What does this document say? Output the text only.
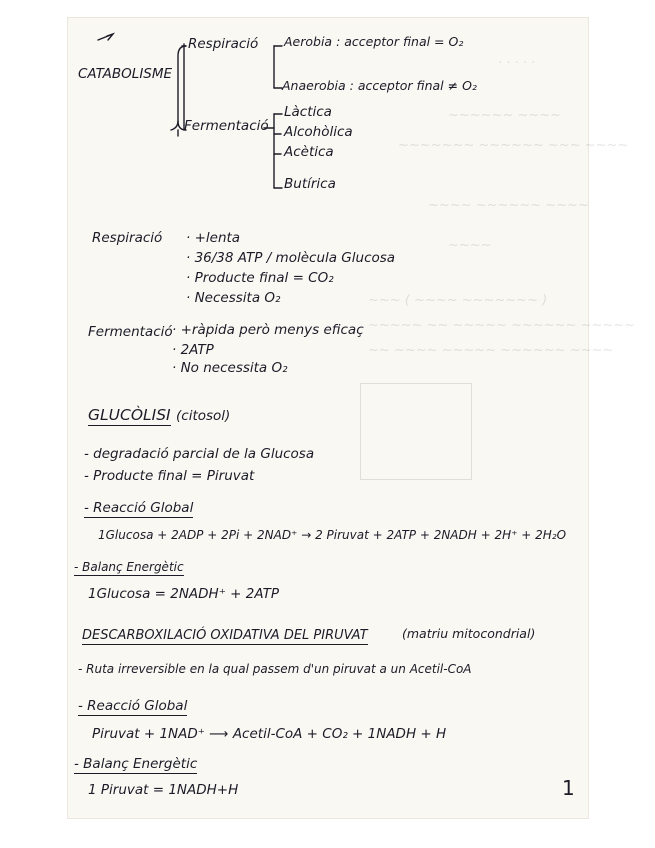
· · · · ·
~~~~~~ ~~~~
~~~~~~~ ~~~~~~ ~~~ ~~~~
~~~~ ~~~~~~ ~~~~
~~~~
~~~ ( ~~~~ ~~~~~~~ )
~~~~~ ~~ ~~~~~ ~~~~~~ ~~~~~
~~ ~~~~ ~~~~~ ~~~~~~ ~~~~
CATABOLISME
Respiració Aerobia : acceptor final = O₂
Anaerobia : acceptor final ≠ O₂
Fermentació
Làctica
Alcohòlica
Acètica
Butírica
Respiració · +lenta
· 36/38 ATP / molècula Glucosa
· Producte final = CO₂
· Necessita O₂
Fermentació · +ràpida però menys eficaç
· 2ATP
· No necessita O₂
GLUCÒLISI (citosol)
- degradació parcial de la Glucosa
- Producte final = Piruvat
- Reacció Global
1Glucosa + 2ADP + 2Pi + 2NAD⁺ → 2 Piruvat + 2ATP + 2NADH + 2H⁺ + 2H₂O
- Balanç Energètic
1Glucosa = 2NADH⁺ + 2ATP
DESCARBOXILACIÓ OXIDATIVA DEL PIRUVAT	(matriu mitocondrial)
- Ruta irreversible en la qual passem d'un piruvat a un Acetil-CoA
- Reacció Global
Piruvat + 1NAD⁺ ⟶ Acetil-CoA + CO₂ + 1NADH + H
- Balanç Energètic
1 Piruvat = 1NADH+H	1
